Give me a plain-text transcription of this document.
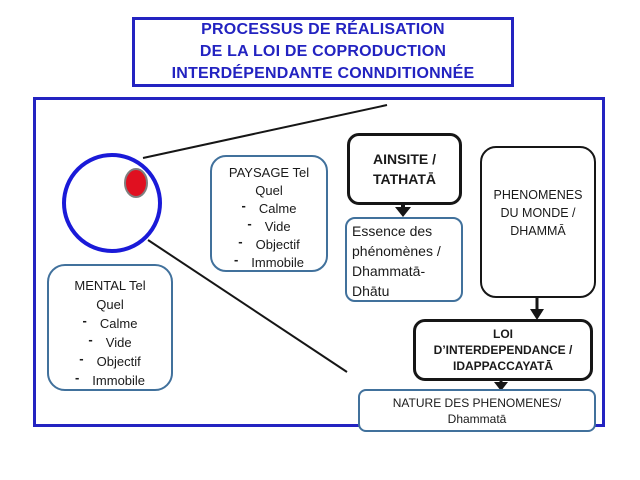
PROCESSUS DE RÉALISATION
DE LA LOI DE COPRODUCTION
INTERDÉPENDANTE CONNDITIONNÉE
PAYSAGE Tel
Quel
- Calme
- Vide
- Objectif
- Immobile
MENTAL Tel
Quel
- Calme
- Vide
- Objectif
- Immobile
AINSITE /
TATHATĀ
Essence des phénomènes / Dhammatā-Dhātu
PHENOMENES
DU MONDE /
DHAMMĀ
LOI
D’INTERDEPENDANCE /
IDAPPACCAYATĀ
NATURE DES PHENOMENES/
Dhammatā
